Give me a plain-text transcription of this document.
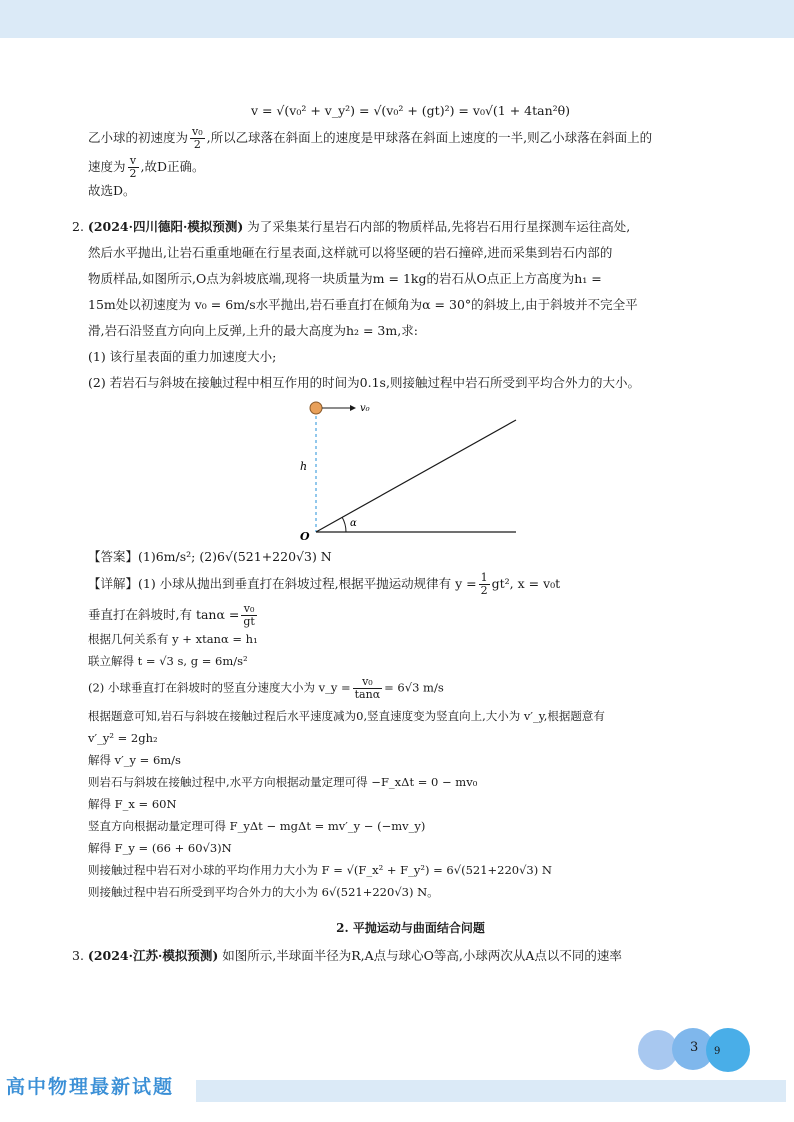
v = √(v₀² + v_y²) = √(v₀² + (gt)²) = v₀√(1 + 4tan²θ)
乙小球的初速度为 $\frac{\text{v₀}}{2}$ ,所以乙球落在斜面上的速度是甲球落在斜面上速度的一半,则乙小球落在斜面上的
速度为 $\frac{v}{2}$ ,故D正确。
故选D。
2. (2024·四川德阳·模拟预测) 为了采集某行星岩石内部的物质样品,先将岩石用行星探测车运往高处,
然后水平抛出,让岩石重重地砸在行星表面,这样就可以将坚硬的岩石撞碎,进而采集到岩石内部的
物质样品,如图所示,O点为斜坡底端,现将一块质量为m = 1kg的岩石从O点正上方高度为h₁ =
15m处以初速度为 v₀ = 6m/s水平抛出,岩石垂直打在倾角为α = 30°的斜坡上,由于斜坡并不完全平
滑,岩石沿竖直方向向上反弹,上升的最大高度为h₂ = 3m,求:
(1) 该行星表面的重力加速度大小;
(2) 若岩石与斜坡在接触过程中相互作用的时间为0.1s,则接触过程中岩石所受到平均合外力的大小。
v₀
h
O
α
【答案】(1)6m/s²; (2)6√(521+220√3) N
【详解】(1) 小球从抛出到垂直打在斜坡过程,根据平抛运动规律有 $y = \frac{1}{2} gt^2$, x = v₀t
垂直打在斜坡时,有 $\tan\alpha = \frac{\text{v₀}}{gt}$
根据几何关系有 y + xtanα = h₁
联立解得 t = √3 s, g = 6m/s²
(2) 小球垂直打在斜坡时的竖直分速度大小为 v_y = $\frac{\text{v₀}}{\tan\alpha} = 6√3$ m/s
根据题意可知,岩石与斜坡在接触过程后水平速度减为0,竖直速度变为竖直向上,大小为 v′_y,根据题意有
v′_y² = 2gh₂
解得 v′_y = 6m/s
则岩石与斜坡在接触过程中,水平方向根据动量定理可得 −F_xΔt = 0 − mv₀
解得 F_x = 60N
竖直方向根据动量定理可得 F_yΔt − mgΔt = mv′_y − (−mv_y)
解得 F_y = (66 + 60√3)N
则接触过程中岩石对小球的平均作用力大小为 F = √(F_x² + F_y²) = 6√(521+220√3) N
则接触过程中岩石所受到平均合外力的大小为 6√(521+220√3) N。
2. 平抛运动与曲面结合问题
3. (2024·江苏·模拟预测) 如图所示,半球面半径为R,A点与球心O等高,小球两次从A点以不同的速率
3 9
高中物理最新试题
